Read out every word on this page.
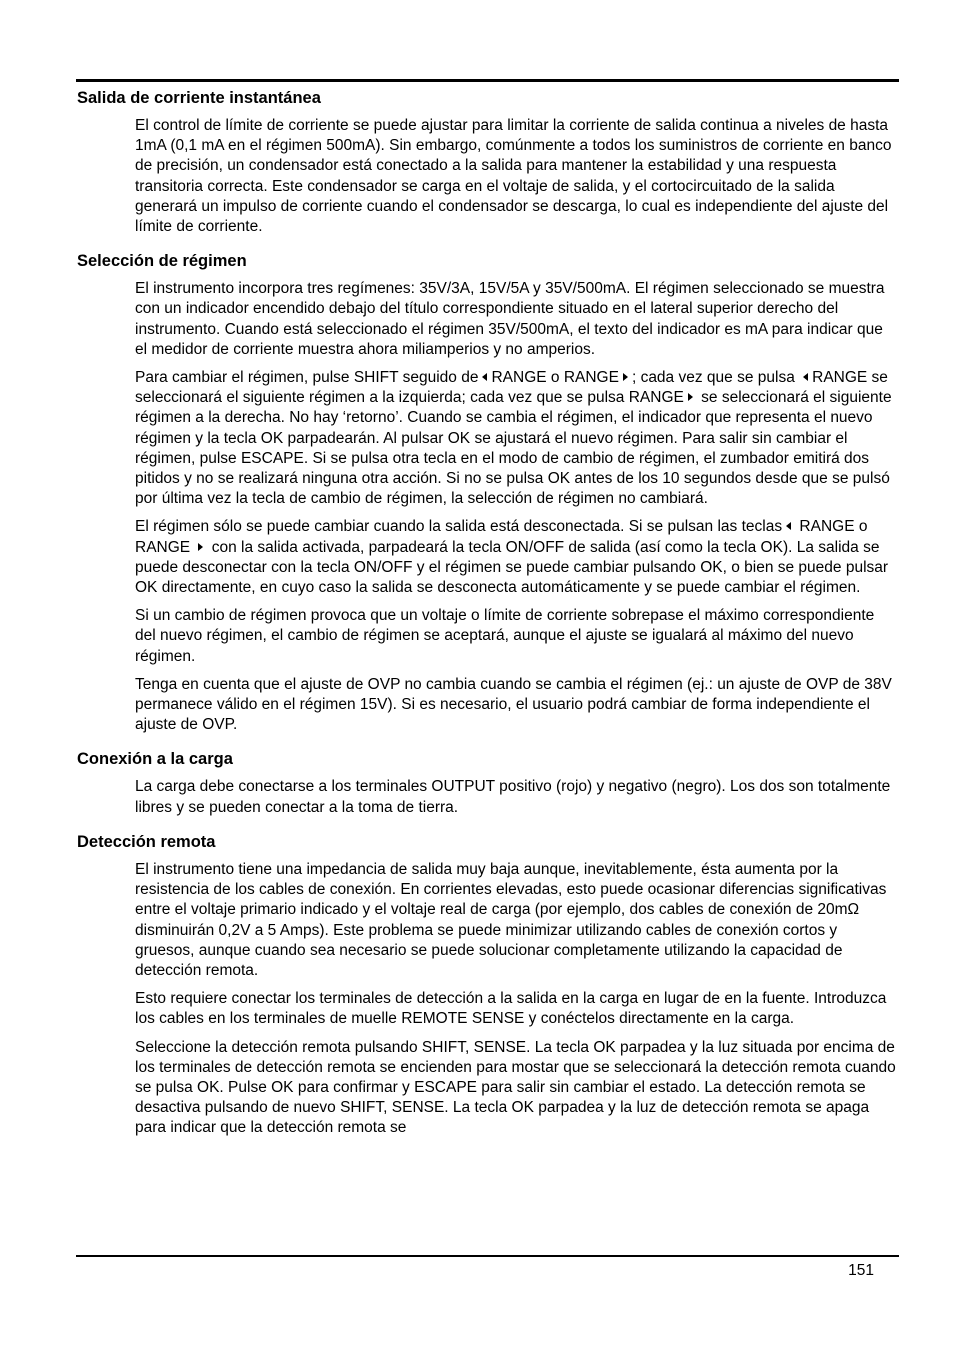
Salida de corriente instantánea

El control de límite de corriente se puede ajustar para limitar la corriente de salida continua a niveles de hasta 1mA (0,1 mA en el régimen 500mA). Sin embargo, comúnmente a todos los suministros de corriente en banco de precisión, un condensador está conectado a la salida para mantener la estabilidad y una respuesta transitoria correcta. Este condensador se carga en el voltaje de salida, y el cortocircuitado de la salida generará un impulso de corriente cuando el condensador se descarga, lo cual es independiente del ajuste del límite de corriente.

Selección de régimen

El instrumento incorpora tres regímenes: 35V/3A, 15V/5A y 35V/500mA. El régimen seleccionado se muestra con un indicador encendido debajo del título correspondiente situado en el lateral superior derecho del instrumento. Cuando está seleccionado el régimen 35V/500mA, el texto del indicador es mA para indicar que el medidor de corriente muestra ahora miliamperios y no amperios.

Para cambiar el régimen, pulse SHIFT seguido de RANGE o RANGE ; cada vez que se pulsa RANGE se seleccionará el siguiente régimen a la izquierda; cada vez que se pulsa RANGE se seleccionará el siguiente régimen a la derecha. No hay ‘retorno’. Cuando se cambia el régimen, el indicador que representa el nuevo régimen y la tecla OK parpadearán. Al pulsar OK se ajustará el nuevo régimen. Para salir sin cambiar el régimen, pulse ESCAPE. Si se pulsa otra tecla en el modo de cambio de régimen, el zumbador emitirá dos pitidos y no se realizará ninguna otra acción. Si no se pulsa OK antes de los 10 segundos desde que se pulsó por última vez la tecla de cambio de régimen, la selección de régimen no cambiará.

El régimen sólo se puede cambiar cuando la salida está desconectada. Si se pulsan las teclas RANGE o RANGE con la salida activada, parpadeará la tecla ON/OFF de salida (así como la tecla OK). La salida se puede desconectar con la tecla ON/OFF y el régimen se puede cambiar pulsando OK, o bien se puede pulsar OK directamente, en cuyo caso la salida se desconecta automáticamente y se puede cambiar el régimen.

Si un cambio de régimen provoca que un voltaje o límite de corriente sobrepase el máximo correspondiente del nuevo régimen, el cambio de régimen se aceptará, aunque el ajuste se igualará al máximo del nuevo régimen.

Tenga en cuenta que el ajuste de OVP no cambia cuando se cambia el régimen (ej.: un ajuste de OVP de 38V permanece válido en el régimen 15V). Si es necesario, el usuario podrá cambiar de forma independiente el ajuste de OVP.

Conexión a la carga

La carga debe conectarse a los terminales OUTPUT positivo (rojo) y negativo (negro). Los dos son totalmente libres y se pueden conectar a la toma de tierra.

Detección remota

El instrumento tiene una impedancia de salida muy baja aunque, inevitablemente, ésta aumenta por la resistencia de los cables de conexión. En corrientes elevadas, esto puede ocasionar diferencias significativas entre el voltaje primario indicado y el voltaje real de carga (por ejemplo, dos cables de conexión de 20mΩ disminuirán 0,2V a 5 Amps). Este problema se puede minimizar utilizando cables de conexión cortos y gruesos, aunque cuando sea necesario se puede solucionar completamente utilizando la capacidad de detección remota.

Esto requiere conectar los terminales de detección a la salida en la carga en lugar de en la fuente. Introduzca los cables en los terminales de muelle REMOTE SENSE y conéctelos directamente en la carga.

Seleccione la detección remota pulsando SHIFT, SENSE. La tecla OK parpadea y la luz situada por encima de los terminales de detección remota se encienden para mostar que se seleccionará la detección remota cuando se pulsa OK. Pulse OK para confirmar y ESCAPE para salir sin cambiar el estado. La detección remota se desactiva pulsando de nuevo SHIFT, SENSE. La tecla OK parpadea y la luz de detección remota se apaga para indicar que la detección remota se

151
